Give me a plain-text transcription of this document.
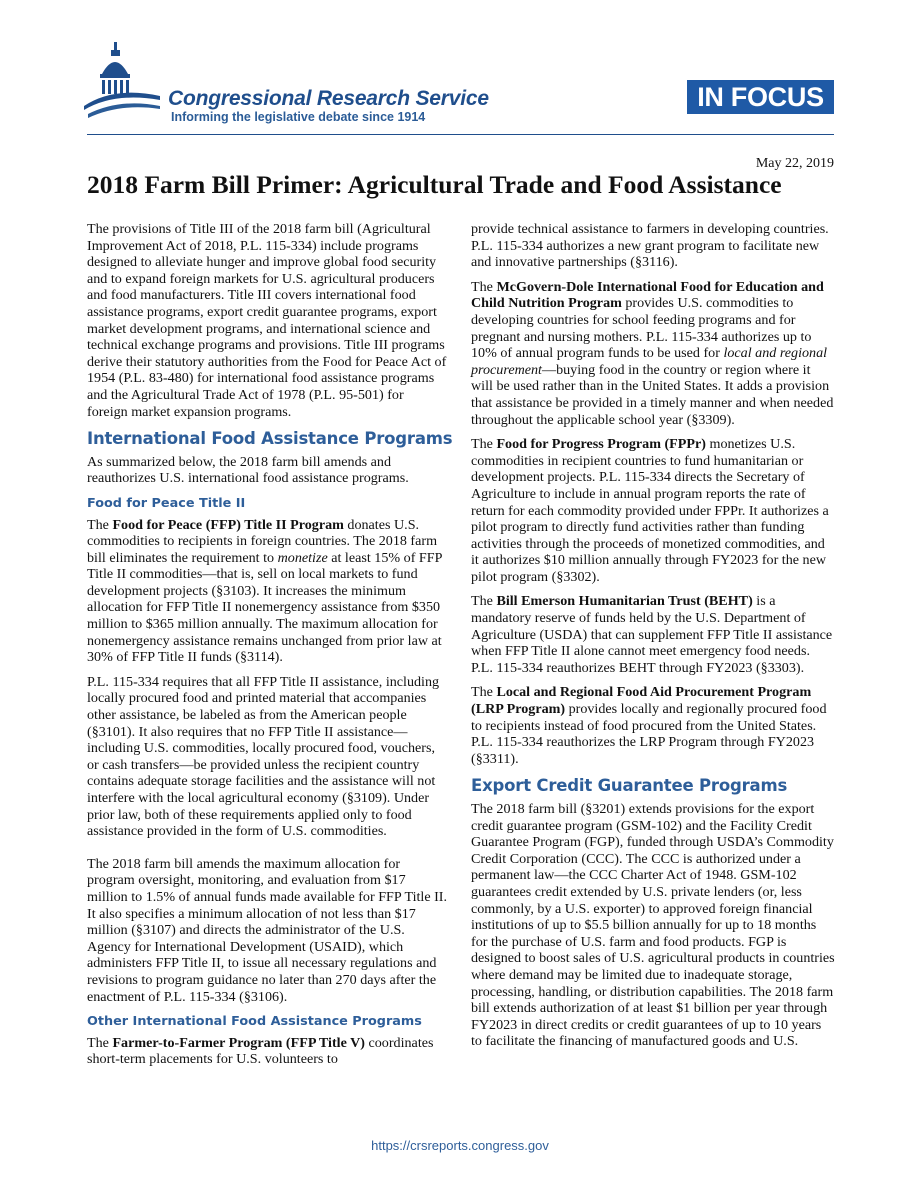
Congressional Research Service
Informing the legislative debate since 1914
IN FOCUS
May 22, 2019
2018 Farm Bill Primer: Agricultural Trade and Food Assistance

The provisions of Title III of the 2018 farm bill (Agricultural Improvement Act of 2018, P.L. 115-334) include programs designed to alleviate hunger and improve global food security and to expand foreign markets for U.S. agricultural producers and food manufacturers. Title III covers international food assistance programs, export credit guarantee programs, export market development programs, and international science and technical exchange programs and provisions. Title III programs derive their statutory authorities from the Food for Peace Act of 1954 (P.L. 83-480) for international food assistance programs and the Agricultural Trade Act of 1978 (P.L. 95-501) for foreign market expansion programs.

International Food Assistance Programs

As summarized below, the 2018 farm bill amends and reauthorizes U.S. international food assistance programs.

Food for Peace Title II

The Food for Peace (FFP) Title II Program donates U.S. commodities to recipients in foreign countries. The 2018 farm bill eliminates the requirement to monetize at least 15% of FFP Title II commodities—that is, sell on local markets to fund development projects (§3103). It increases the minimum allocation for FFP Title II nonemergency assistance from $350 million to $365 million annually. The maximum allocation for nonemergency assistance remains unchanged from prior law at 30% of FFP Title II funds (§3114).

P.L. 115-334 requires that all FFP Title II assistance, including locally procured food and printed material that accompanies other assistance, be labeled as from the American people (§3101). It also requires that no FFP Title II assistance—including U.S. commodities, locally procured food, vouchers, or cash transfers—be provided unless the recipient country contains adequate storage facilities and the assistance will not interfere with the local agricultural economy (§3109). Under prior law, both of these requirements applied only to food assistance provided in the form of U.S. commodities.

The 2018 farm bill amends the maximum allocation for program oversight, monitoring, and evaluation from $17 million to 1.5% of annual funds made available for FFP Title II. It also specifies a minimum allocation of not less than $17 million (§3107) and directs the administrator of the U.S. Agency for International Development (USAID), which administers FFP Title II, to issue all necessary regulations and revisions to program guidance no later than 270 days after the enactment of P.L. 115-334 (§3106).

Other International Food Assistance Programs

The Farmer-to-Farmer Program (FFP Title V) coordinates short-term placements for U.S. volunteers to

provide technical assistance to farmers in developing countries. P.L. 115-334 authorizes a new grant program to facilitate new and innovative partnerships (§3116).

The McGovern-Dole International Food for Education and Child Nutrition Program provides U.S. commodities to developing countries for school feeding programs and for pregnant and nursing mothers. P.L. 115-334 authorizes up to 10% of annual program funds to be used for local and regional procurement—buying food in the country or region where it will be used rather than in the United States. It adds a provision that assistance be provided in a timely manner and when needed throughout the applicable school year (§3309).

The Food for Progress Program (FPPr) monetizes U.S. commodities in recipient countries to fund humanitarian or development projects. P.L. 115-334 directs the Secretary of Agriculture to include in annual program reports the rate of return for each commodity provided under FPPr. It authorizes a pilot program to directly fund activities rather than funding activities through the proceeds of monetized commodities, and it authorizes $10 million annually through FY2023 for the new pilot program (§3302).

The Bill Emerson Humanitarian Trust (BEHT) is a mandatory reserve of funds held by the U.S. Department of Agriculture (USDA) that can supplement FFP Title II assistance when FFP Title II alone cannot meet emergency food needs. P.L. 115-334 reauthorizes BEHT through FY2023 (§3303).

The Local and Regional Food Aid Procurement Program (LRP Program) provides locally and regionally procured food to recipients instead of food procured from the United States. P.L. 115-334 reauthorizes the LRP Program through FY2023 (§3311).

Export Credit Guarantee Programs

The 2018 farm bill (§3201) extends provisions for the export credit guarantee program (GSM-102) and the Facility Credit Guarantee Program (FGP), funded through USDA’s Commodity Credit Corporation (CCC). The CCC is authorized under a permanent law—the CCC Charter Act of 1948. GSM-102 guarantees credit extended by U.S. private lenders (or, less commonly, by a U.S. exporter) to approved foreign financial institutions of up to $5.5 billion annually for up to 18 months for the purchase of U.S. farm and food products. FGP is designed to boost sales of U.S. agricultural products in countries where demand may be limited due to inadequate storage, processing, handling, or distribution capabilities. The 2018 farm bill extends authorization of at least $1 billion per year through FY2023 in direct credits or credit guarantees of up to 10 years to facilitate the financing of manufactured goods and U.S.

https://crsreports.congress.gov
